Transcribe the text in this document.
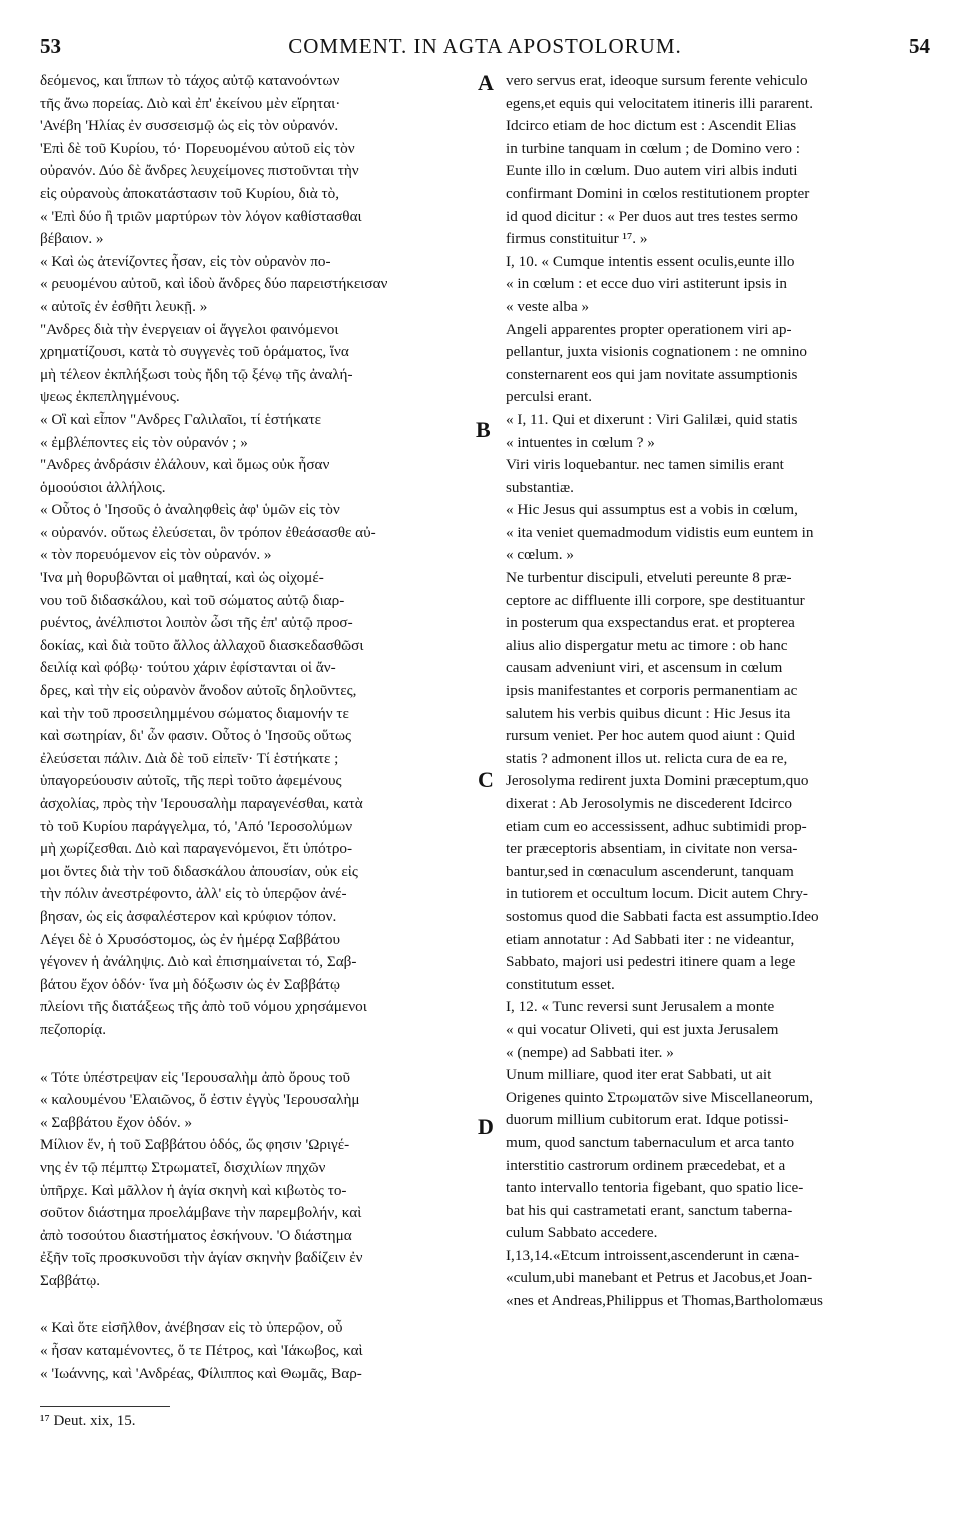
53	COMMENT. IN AGTA APOSTOLORUM.	54

δεόμενος, και ἵππων τὸ τάχος αὐτῷ κατανοόντων

τῆς ἄνω πορείας. Διὸ καὶ ἐπ' ἐκείνου μὲν εἴρηται·

'Ανέβη 'Ηλίας ἐν συσσεισμῷ ὡς εἰς τὸν οὐρανόν.

'Επὶ δὲ τοῦ Κυρίου, τό· Πορευομένου αὐτοῦ εἰς τὸν

οὐρανόν. Δύο δὲ ἄνδρες λευχείμονες πιστοῦνται τὴν

εἰς οὐρανοὺς ἀποκατάστασιν τοῦ Κυρίου, διὰ τὸ,

« 'Επὶ δύο ἢ τριῶν μαρτύρων τὸν λόγον καθίστασθαι

βέβαιον. »

« Καὶ ὡς ἀτενίζοντες ἦσαν, εἰς τὸν οὐρανὸν πο-

« ρευομένου αὐτοῦ, καὶ ἰδοὺ ἄνδρες δύο παρειστήκεισαν

« αὐτοῖς ἐν ἐσθῆτι λευκῇ. »

"Ανδρες διὰ τὴν ἐνεργειαν οἱ ἄγγελοι φαινόμενοι

χρηματίζουσι, κατὰ τὸ συγγενὲς τοῦ ὁράματος, ἵνα

μὴ τέλεον ἐκπλήξωσι τοὺς ἤδη τῷ ξένῳ τῆς ἀναλή-

ψεως ἐκπεπληγμένους.

« Οἳ καὶ εἶπον "Ανδρες Γαλιλαῖοι, τί ἑστήκατε

« ἐμβλέποντες εἰς τὸν οὐρανόν ; »

"Ανδρες ἀνδράσιν ἐλάλουν, καὶ ὅμως οὐκ ἦσαν

ὁμοούσιοι ἀλλήλοις.

« Οὗτος ὁ 'Ιησοῦς ὁ ἀναληφθεὶς ἀφ' ὑμῶν εἰς τὸν

« οὐρανόν. οὕτως ἐλεύσεται, ὃν τρόπον ἐθεάσασθε αὐ-

« τὸν πορευόμενον εἰς τὸν οὐρανόν. »

'Ινα μὴ θορυβῶνται οἱ μαθηταί, καὶ ὡς οἰχομέ-

νου τοῦ διδασκάλου, καὶ τοῦ σώματος αὐτῷ διαρ-

ρυέντος, ἀνέλπιστοι λοιπὸν ὦσι τῆς ἐπ' αὐτῷ προσ-

δοκίας, καὶ διὰ τοῦτο ἄλλος ἀλλαχοῦ διασκεδασθῶσι

δειλίᾳ καὶ φόβῳ· τούτου χάριν ἐφίστανται οἱ ἄν-

δρες, καὶ τὴν εἰς οὐρανὸν ἄνοδον αὐτοῖς δηλοῦντες,

καὶ τὴν τοῦ προσειλημμένου σώματος διαμονήν τε

καὶ σωτηρίαν, δι' ὧν φασιν. Οὗτος ὁ 'Ιησοῦς οὕτως

ἐλεύσεται πάλιν. Διὰ δὲ τοῦ εἰπεῖν· Τί ἑστήκατε ;

ὑπαγορεύουσιν αὐτοῖς, τῆς περὶ τοῦτο ἀφεμένους

ἀσχολίας, πρὸς τὴν 'Ιερουσαλὴμ παραγενέσθαι, κατὰ

τὸ τοῦ Κυρίου παράγγελμα, τό, 'Από 'Ιεροσολύμων

μὴ χωρίζεσθαι. Διὸ καὶ παραγενόμενοι, ἔτι ὑπότρο-

μοι ὄντες διὰ τὴν τοῦ διδασκάλου ἀπουσίαν, οὐκ εἰς

τὴν πόλιν ἀνεστρέφοντο, ἀλλ' εἰς τὸ ὑπερῷον ἀνέ-

βησαν, ὡς εἰς ἀσφαλέστερον καὶ κρύφιον τόπον.

Λέγει δὲ ὁ Χρυσόστομος, ὡς ἐν ἡμέρᾳ Σαββάτου

γέγονεν ἡ ἀνάληψις. Διὸ καὶ ἐπισημαίνεται τό, Σαβ-

βάτου ἔχον ὁδόν· ἵνα μὴ δόξωσιν ὡς ἐν Σαββάτῳ

πλείονι τῆς διατάξεως τῆς ἀπὸ τοῦ νόμου χρησάμενοι

πεζοπορίᾳ.

« Τότε ὑπέστρεψαν εἰς 'Ιερουσαλὴμ ἀπὸ ὄρους τοῦ

« καλουμένου 'Ελαιῶνος, ὅ ἐστιν ἐγγὺς 'Ιερουσαλὴμ

« Σαββάτου ἔχον ὁδόν. »

Μίλιον ἕν, ἡ τοῦ Σαββάτου ὁδός, ὥς φησιν 'Ωριγέ-

νης ἐν τῷ πέμπτῳ Στρωματεῖ, δισχιλίων πηχῶν

ὑπῆρχε. Καὶ μᾶλλον ἡ ἁγία σκηνὴ καὶ κιβωτὸς το-

σοῦτον διάστημα προελάμβανε τὴν παρεμβολήν, καὶ

ἀπὸ τοσούτου διαστήματος ἐσκήνουν. 'Ο διάστημα

ἐξῆν τοῖς προσκυνοῦσι τὴν ἁγίαν σκηνὴν βαδίζειν ἐν

Σαββάτῳ.

« Καὶ ὅτε εἰσῆλθον, ἀνέβησαν εἰς τὸ ὑπερῷον, οὗ

« ἦσαν καταμένοντες, ὅ τε Πέτρος, καὶ 'Ιάκωβος, καὶ

« 'Ιωάννης, καὶ 'Ανδρέας, Φίλιππος καὶ Θωμᾶς, Βαρ-

vero servus erat, ideoque sursum ferente vehiculo

egens,et equis qui velocitatem itineris illi pararent.

Idcirco etiam de hoc dictum est : Ascendit Elias

in turbine tanquam in cœlum ; de Domino vero :

Eunte illo in cœlum. Duo autem viri albis induti

confirmant Domini in cœlos restitutionem propter

id quod dicitur : « Per duos aut tres testes sermo

firmus constituitur ¹⁷. »

I, 10. « Cumque intentis essent oculis,eunte illo

« in cœlum : et ecce duo viri astiterunt ipsis in

« veste alba »

Angeli apparentes propter operationem viri ap-

pellantur, juxta visionis cognationem : ne omnino

consternarent eos qui jam novitate assumptionis

perculsi erant.

« I, 11. Qui et dixerunt : Viri Galilæi, quid statis

« intuentes in cœlum ? »

Viri viris loquebantur. nec tamen similis erant

substantiæ.

« Hic Jesus qui assumptus est a vobis in cœlum,

« ita veniet quemadmodum vidistis eum euntem in

« cœlum. »

Ne turbentur discipuli, etveluti pereunte 8 præ-

ceptore ac diffluente illi corpore, spe destituantur

in posterum qua exspectandus erat. et propterea

alius alio dispergatur metu ac timore : ob hanc

causam adveniunt viri, et ascensum in cœlum

ipsis manifestantes et corporis permanentiam ac

salutem his verbis quibus dicunt : Hic Jesus ita

rursum veniet. Per hoc autem quod aiunt : Quid

statis ? admonent illos ut. relicta cura de ea re,

Jerosolyma redirent juxta Domini præceptum,quo

dixerat : Ab Jerosolymis ne discederent Idcirco

etiam cum eo accessissent, adhuc subtimidi prop-

ter præceptoris absentiam, in civitate non versa-

bantur,sed in cœnaculum ascenderunt, tanquam

in tutiorem et occultum locum. Dicit autem Chry-

sostomus quod die Sabbati facta est assumptio.Ideo

etiam annotatur : Ad Sabbati iter : ne videantur,

Sabbato, majori usi pedestri itinere quam a lege

constitutum esset.

I, 12. « Tunc reversi sunt Jerusalem a monte

« qui vocatur Oliveti, qui est juxta Jerusalem

« (nempe) ad Sabbati iter. »

Unum milliare, quod iter erat Sabbati, ut ait

Origenes quinto Στρωματῶν sive Miscellaneorum,

duorum millium cubitorum erat. Idque potissi-

mum, quod sanctum tabernaculum et arca tanto

interstitio castrorum ordinem præcedebat, et a

tanto intervallo tentoria figebant, quo spatio lice-

bat his qui castrametati erant, sanctum taberna-

culum Sabbato accedere.

I,13,14.«Etcum introissent,ascenderunt in cæna-

«culum,ubi manebant et Petrus et Jacobus,et Joan-

«nes et Andreas,Philippus et Thomas,Bartholomæus

A
B
C
D
¹⁷ Deut. xix, 15.
